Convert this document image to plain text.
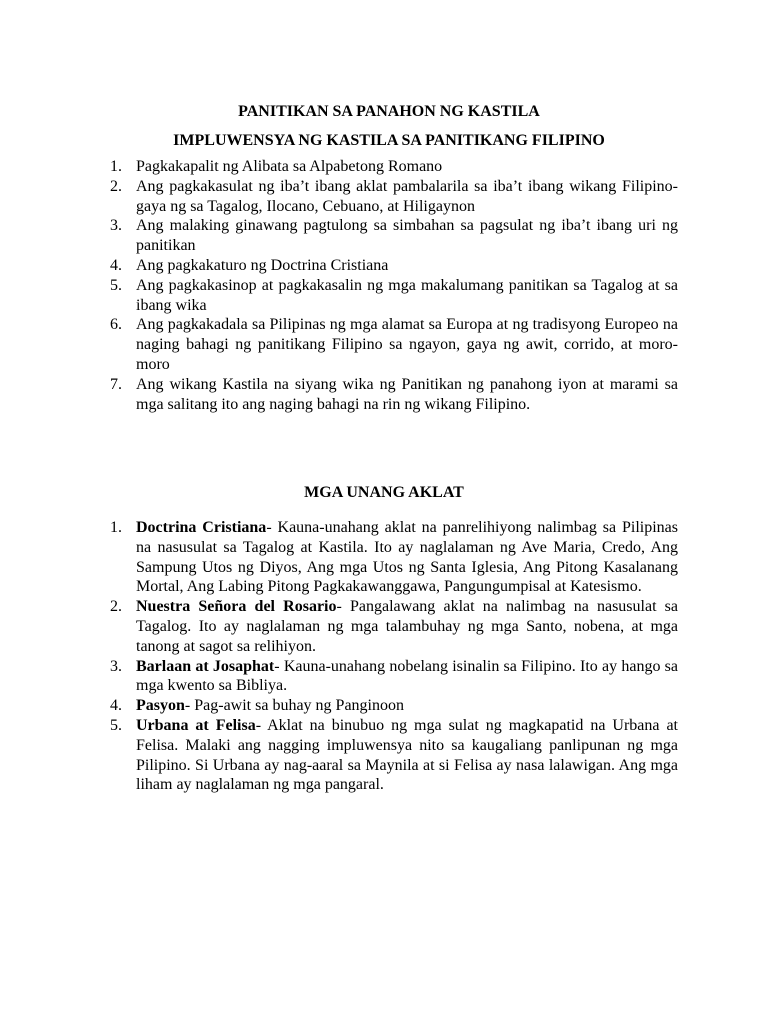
PANITIKAN SA PANAHON NG KASTILA
IMPLUWENSYA NG KASTILA SA PANITIKANG FILIPINO
1. Pagkakapalit ng Alibata sa Alpabetong Romano
2. Ang pagkakasulat ng iba’t ibang aklat pambalarila sa iba’t ibang wikang Filipino-gaya ng sa Tagalog, Ilocano, Cebuano, at Hiligaynon
3. Ang malaking ginawang pagtulong sa simbahan sa pagsulat ng iba’t ibang uri ng panitikan
4. Ang pagkakaturo ng Doctrina Cristiana
5. Ang pagkakasinop at pagkakasalin ng mga makalumang panitikan sa Tagalog at sa ibang wika
6. Ang pagkakadala sa Pilipinas ng mga alamat sa Europa at ng tradisyong Europeo na naging bahagi ng panitikang Filipino sa ngayon, gaya ng awit, corrido, at moro-moro
7. Ang wikang Kastila na siyang wika ng Panitikan ng panahong iyon at marami sa mga salitang ito ang naging bahagi na rin ng wikang Filipino.
MGA UNANG AKLAT
1. Doctrina Cristiana- Kauna-unahang aklat na panrelihiyong nalimbag sa Pilipinas na nasusulat sa Tagalog at Kastila. Ito ay naglalaman ng Ave Maria, Credo, Ang Sampung Utos ng Diyos, Ang mga Utos ng Santa Iglesia, Ang Pitong Kasalanang Mortal, Ang Labing Pitong Pagkakawanggawa, Pangungumpisal at Katesismo.
2. Nuestra Señora del Rosario- Pangalawang aklat na nalimbag na nasusulat sa Tagalog. Ito ay naglalaman ng mga talambuhay ng mga Santo, nobena, at mga tanong at sagot sa relihiyon.
3. Barlaan at Josaphat- Kauna-unahang nobelang isinalin sa Filipino. Ito ay hango sa mga kwento sa Bibliya.
4. Pasyon- Pag-awit sa buhay ng Panginoon
5. Urbana at Felisa- Aklat na binubuo ng mga sulat ng magkapatid na Urbana at Felisa. Malaki ang nagging impluwensya nito sa kaugaliang panlipunan ng mga Pilipino. Si Urbana ay nag-aaral sa Maynila at si Felisa ay nasa lalawigan. Ang mga liham ay naglalaman ng mga pangaral.
